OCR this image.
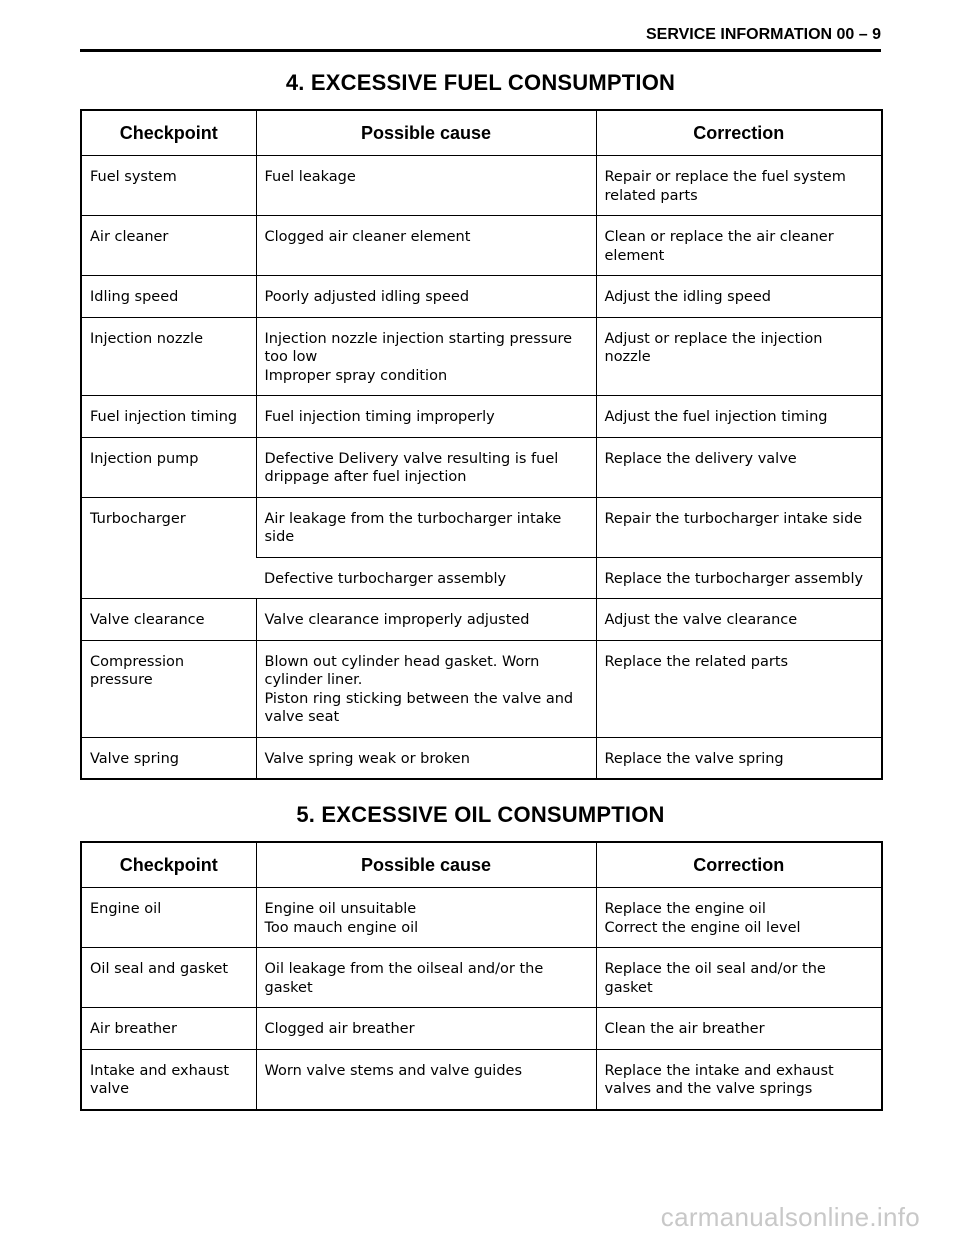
SERVICE INFORMATION 00 – 9
4. EXCESSIVE FUEL CONSUMPTION
Checkpoint	Possible cause	Correction

Fuel system	Fuel leakage	Repair or replace the fuel system
related parts

Air cleaner	Clogged air cleaner element	Clean or replace the air cleaner
element

Idling speed	Poorly adjusted idling speed	Adjust the idling speed

Injection nozzle	Injection nozzle injection starting pressure
too low
Improper spray condition	Adjust or replace the injection
nozzle

Fuel injection timing	Fuel injection timing improperly	Adjust the fuel injection timing

Injection pump	Defective Delivery valve resulting is fuel
drippage after fuel injection	Replace the delivery valve

Turbocharger	Air leakage from the turbocharger intake
side	Repair the turbocharger intake side

	Defective turbocharger assembly	Replace the turbocharger assembly

Valve clearance	Valve clearance improperly adjusted	Adjust the valve clearance

Compression
pressure	Blown out cylinder head gasket. Worn
cylinder liner.
Piston ring sticking between the valve and
valve seat	Replace the related parts

Valve spring	Valve spring weak or broken	Replace the valve spring
5. EXCESSIVE OIL CONSUMPTION
Checkpoint	Possible cause	Correction

Engine oil	Engine oil unsuitable
Too mauch engine oil	Replace the engine oil
Correct the engine oil level

Oil seal and gasket	Oil leakage from the oilseal and/or the
gasket	Replace the oil seal and/or the
gasket

Air breather	Clogged air breather	Clean the air breather

Intake and exhaust
valve	Worn valve stems and valve guides	Replace the intake and exhaust
valves and the valve springs
carmanualsonline.info
